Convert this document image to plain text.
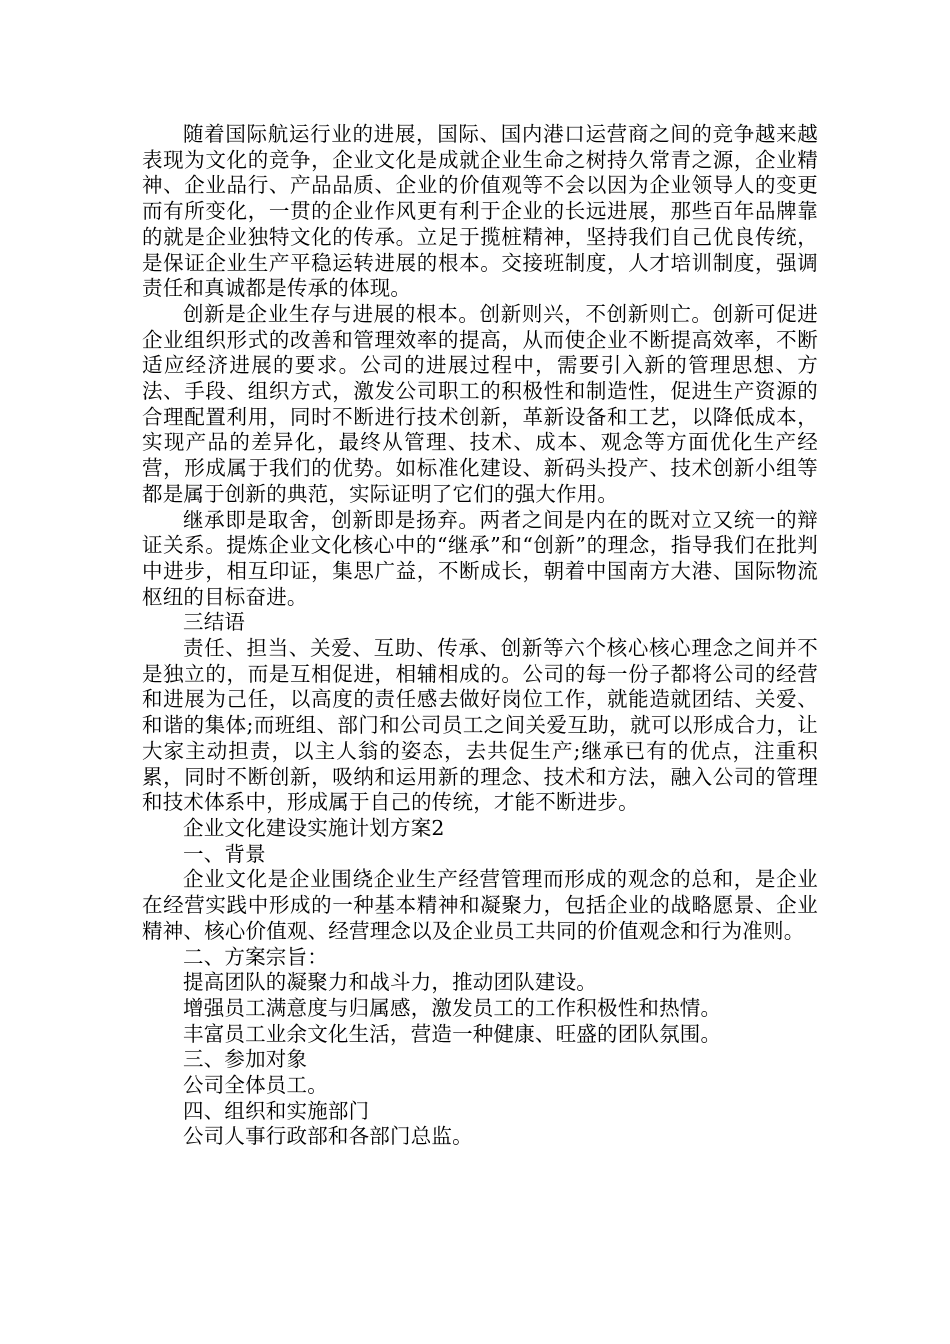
随着国际航运行业的进展，国际、国内港口运营商之间的竞争越来越表现为文化的竞争，企业文化是成就企业生命之树持久常青之源，企业精神、企业品行、产品品质、企业的价值观等不会以因为企业领导人的变更而有所变化，一贯的企业作风更有利于企业的长远进展，那些百年品牌靠的就是企业独特文化的传承。立足于揽桩精神，坚持我们自己优良传统，是保证企业生产平稳运转进展的根本。交接班制度，人才培训制度，强调责任和真诚都是传承的体现。

创新是企业生存与进展的根本。创新则兴，不创新则亡。创新可促进企业组织形式的改善和管理效率的提高，从而使企业不断提高效率，不断适应经济进展的要求。公司的进展过程中，需要引入新的管理思想、方法、手段、组织方式，激发公司职工的积极性和制造性，促进生产资源的合理配置利用，同时不断进行技术创新，革新设备和工艺，以降低成本，实现产品的差异化，最终从管理、技术、成本、观念等方面优化生产经营，形成属于我们的优势。如标准化建设、新码头投产、技术创新小组等都是属于创新的典范，实际证明了它们的强大作用。

继承即是取舍，创新即是扬弃。两者之间是内在的既对立又统一的辩证关系。提炼企业文化核心中的“继承”和“创新”的理念，指导我们在批判中进步，相互印证，集思广益，不断成长，朝着中国南方大港、国际物流枢纽的目标奋进。

三结语

责任、担当、关爱、互助、传承、创新等六个核心核心理念之间并不是独立的，而是互相促进，相辅相成的。公司的每一份子都将公司的经营和进展为己任，以高度的责任感去做好岗位工作，就能造就团结、关爱、和谐的集体;而班组、部门和公司员工之间关爱互助，就可以形成合力，让大家主动担责，以主人翁的姿态，去共促生产;继承已有的优点，注重积累，同时不断创新，吸纳和运用新的理念、技术和方法，融入公司的管理和技术体系中，形成属于自己的传统，才能不断进步。

企业文化建设实施计划方案2

一、背景

企业文化是企业围绕企业生产经营管理而形成的观念的总和，是企业在经营实践中形成的一种基本精神和凝聚力，包括企业的战略愿景、企业精神、核心价值观、经营理念以及企业员工共同的价值观念和行为准则。

二、方案宗旨：

提高团队的凝聚力和战斗力，推动团队建设。

增强员工满意度与归属感，激发员工的工作积极性和热情。

丰富员工业余文化生活，营造一种健康、旺盛的团队氛围。

三、参加对象

公司全体员工。

四、组织和实施部门

公司人事行政部和各部门总监。
